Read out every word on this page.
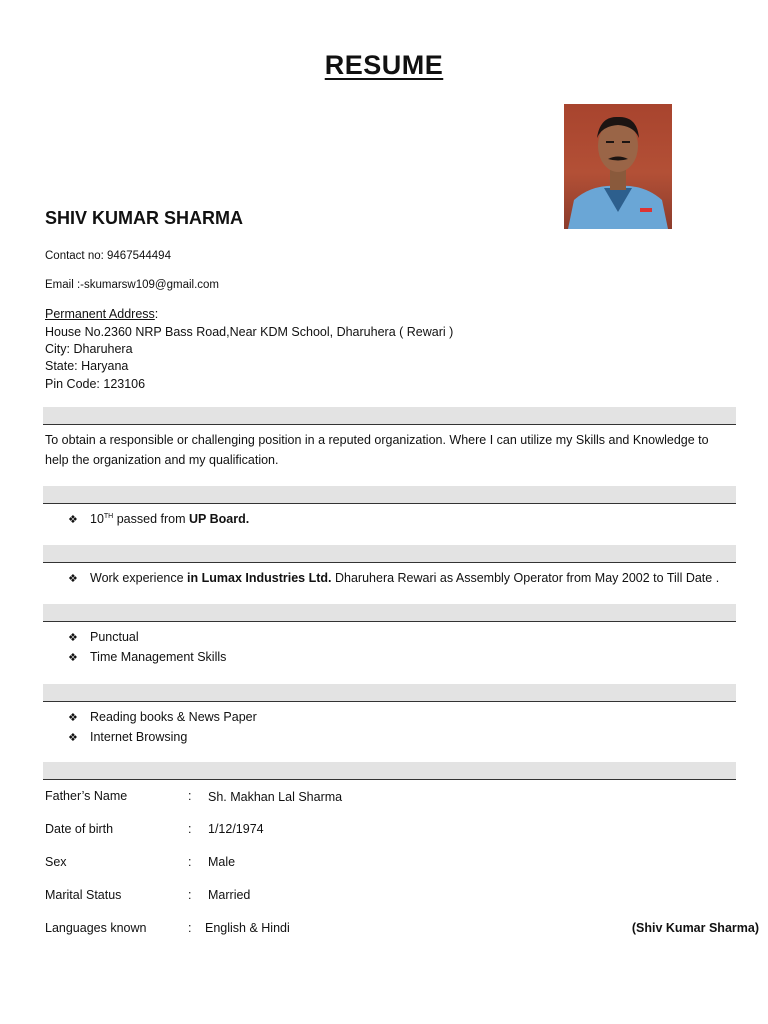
RESUME
SHIV KUMAR SHARMA
Contact no: 9467544494
Email :-skumarsw109@gmail.com
Permanent Address:
House No.2360 NRP Bass Road,Near KDM School, Dharuhera ( Rewari )
City: Dharuhera
State: Haryana
Pin Code: 123106
To obtain a responsible or challenging position in a reputed organization. Where I can utilize my Skills and Knowledge to
help the organization and my qualification.
❖ 10TH passed from UP Board.
❖ Work experience in Lumax Industries Ltd. Dharuhera Rewari as Assembly Operator from May 2002 to Till Date .
❖ Punctual
❖ Time Management Skills
❖ Reading books & News Paper
❖ Internet Browsing
Father’s Name	: Sh. Makhan Lal Sharma
Date of birth	: 1/12/1974
Sex	: Male
Marital Status	: Married
Languages known	: English & Hindi	(Shiv Kumar Sharma)
